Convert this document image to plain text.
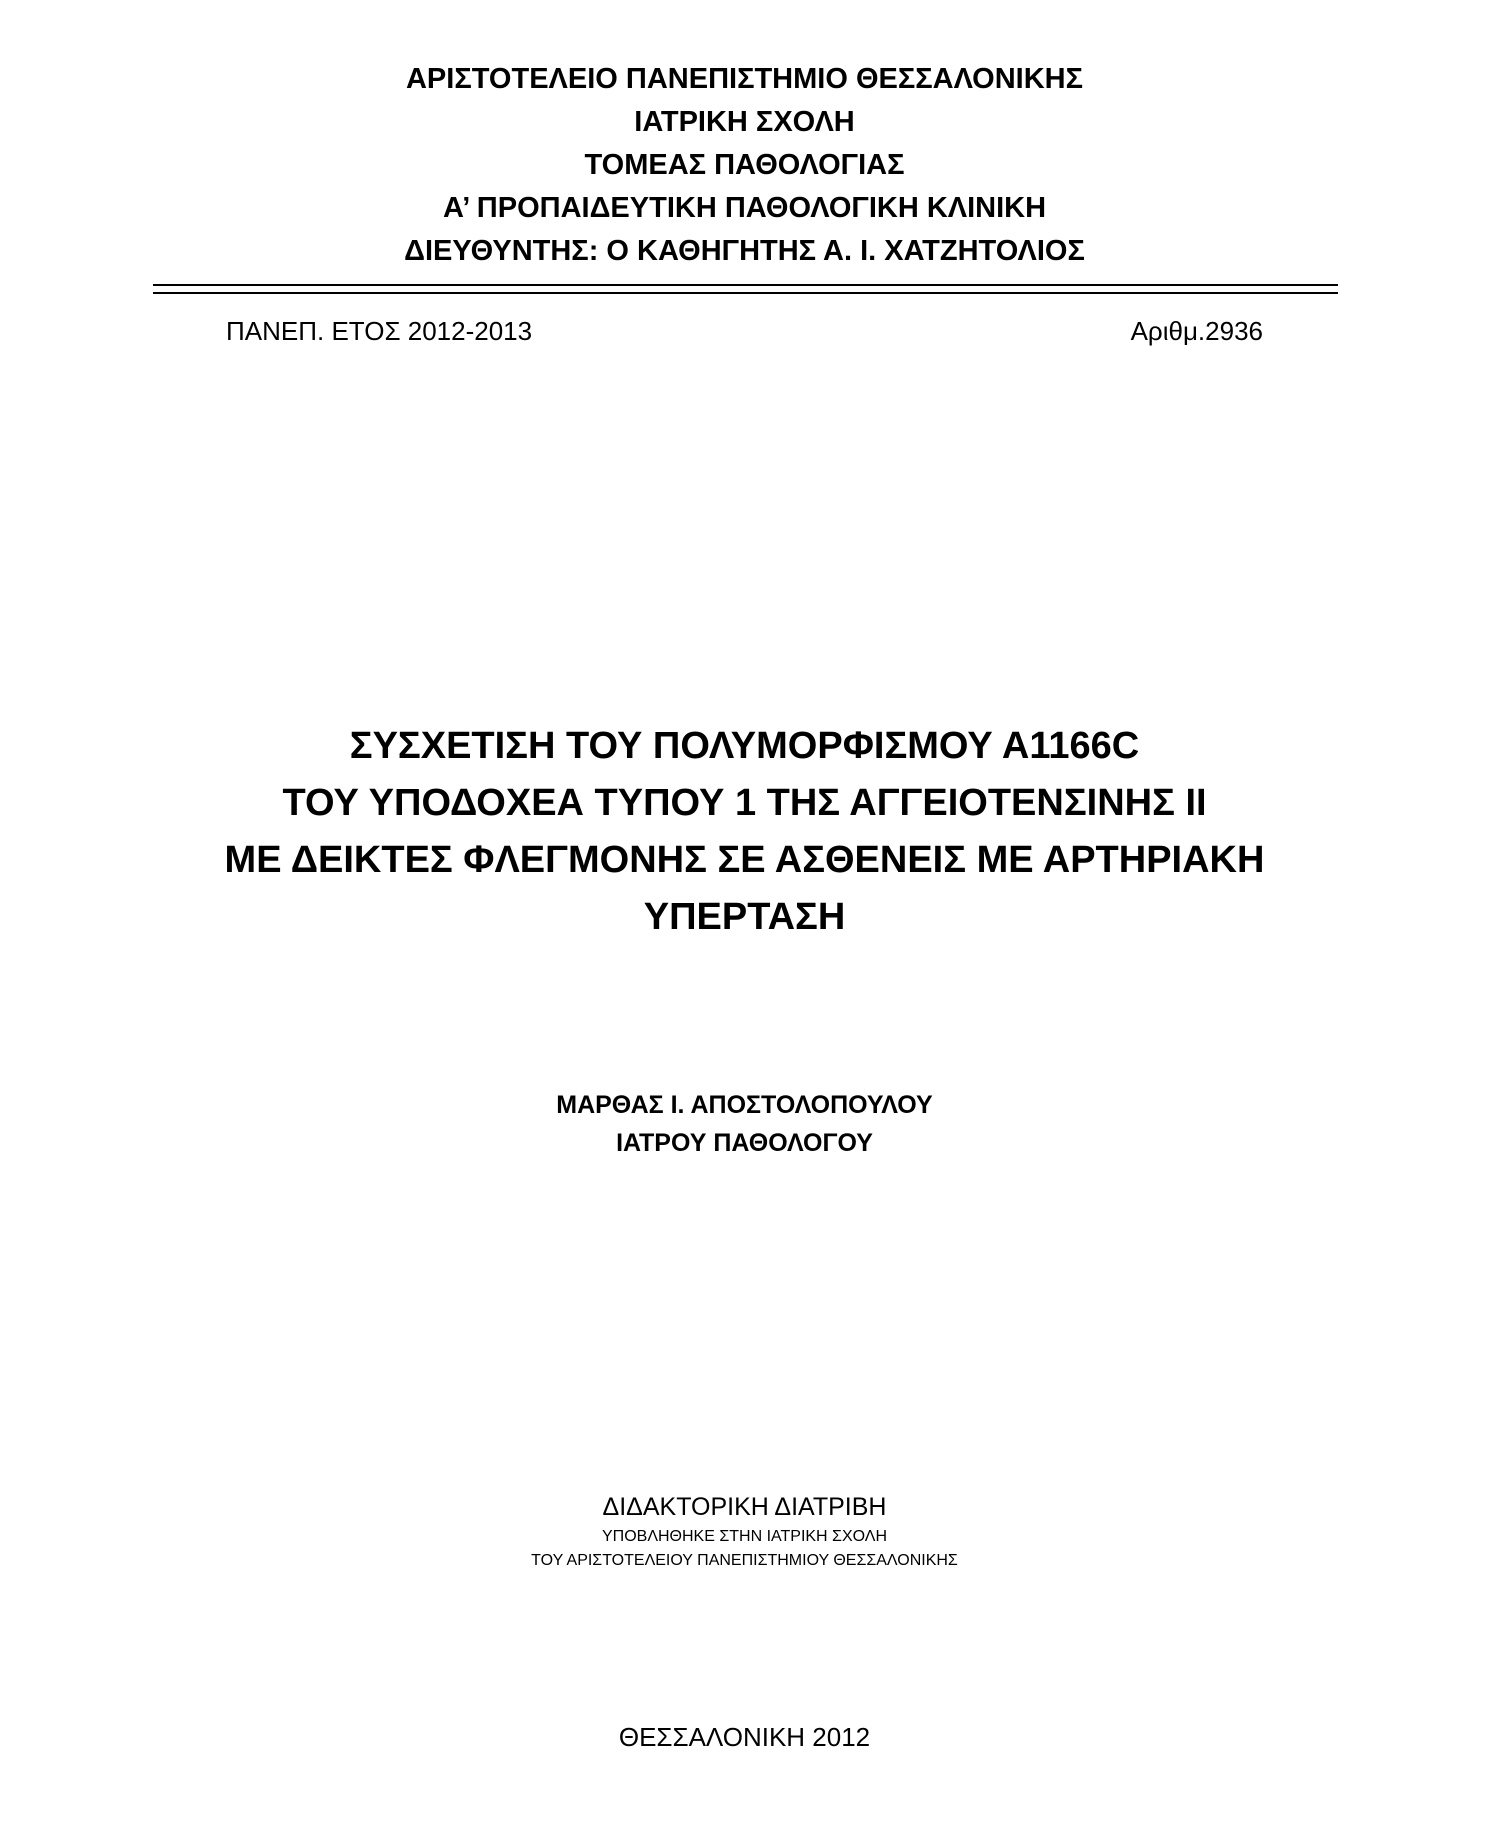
ΑΡΙΣΤΟΤΕΛΕΙΟ ΠΑΝΕΠΙΣΤΗΜΙΟ ΘΕΣΣΑΛΟΝΙΚΗΣ
ΙΑΤΡΙΚΗ ΣΧΟΛΗ
ΤΟΜΕΑΣ ΠΑΘΟΛΟΓΙΑΣ
Α’ ΠΡΟΠΑΙΔΕΥΤΙΚΗ ΠΑΘΟΛΟΓΙΚΗ ΚΛΙΝΙΚΗ
ΔΙΕΥΘΥΝΤΗΣ: Ο ΚΑΘΗΓΗΤΗΣ Α. Ι. ΧΑΤΖΗΤΟΛΙΟΣ
ΠΑΝΕΠ. ΕΤΟΣ 2012-2013	Αριθμ.2936
ΣΥΣΧΕΤΙΣΗ ΤΟΥ ΠΟΛΥΜΟΡΦΙΣΜΟΥ Α1166C
ΤΟΥ ΥΠΟΔΟΧΕΑ ΤΥΠΟΥ 1 ΤΗΣ ΑΓΓΕΙΟΤΕΝΣΙΝΗΣ ΙΙ
ΜΕ ΔΕΙΚΤΕΣ ΦΛΕΓΜΟΝΗΣ ΣΕ ΑΣΘΕΝΕΙΣ ΜΕ ΑΡΤΗΡΙΑΚΗ
ΥΠΕΡΤΑΣΗ
ΜΑΡΘΑΣ Ι. ΑΠΟΣΤΟΛΟΠΟΥΛΟΥ
ΙΑΤΡΟΥ ΠΑΘΟΛΟΓΟΥ
ΔΙΔΑΚΤΟΡΙΚΗ ΔΙΑΤΡΙΒΗ
ΥΠΟΒΛΗΘΗΚΕ ΣΤΗΝ ΙΑΤΡΙΚΗ ΣΧΟΛΗ
ΤΟΥ ΑΡΙΣΤΟΤΕΛΕΙΟΥ ΠΑΝΕΠΙΣΤΗΜΙΟΥ ΘΕΣΣΑΛΟΝΙΚΗΣ
ΘΕΣΣΑΛΟΝΙΚΗ 2012
